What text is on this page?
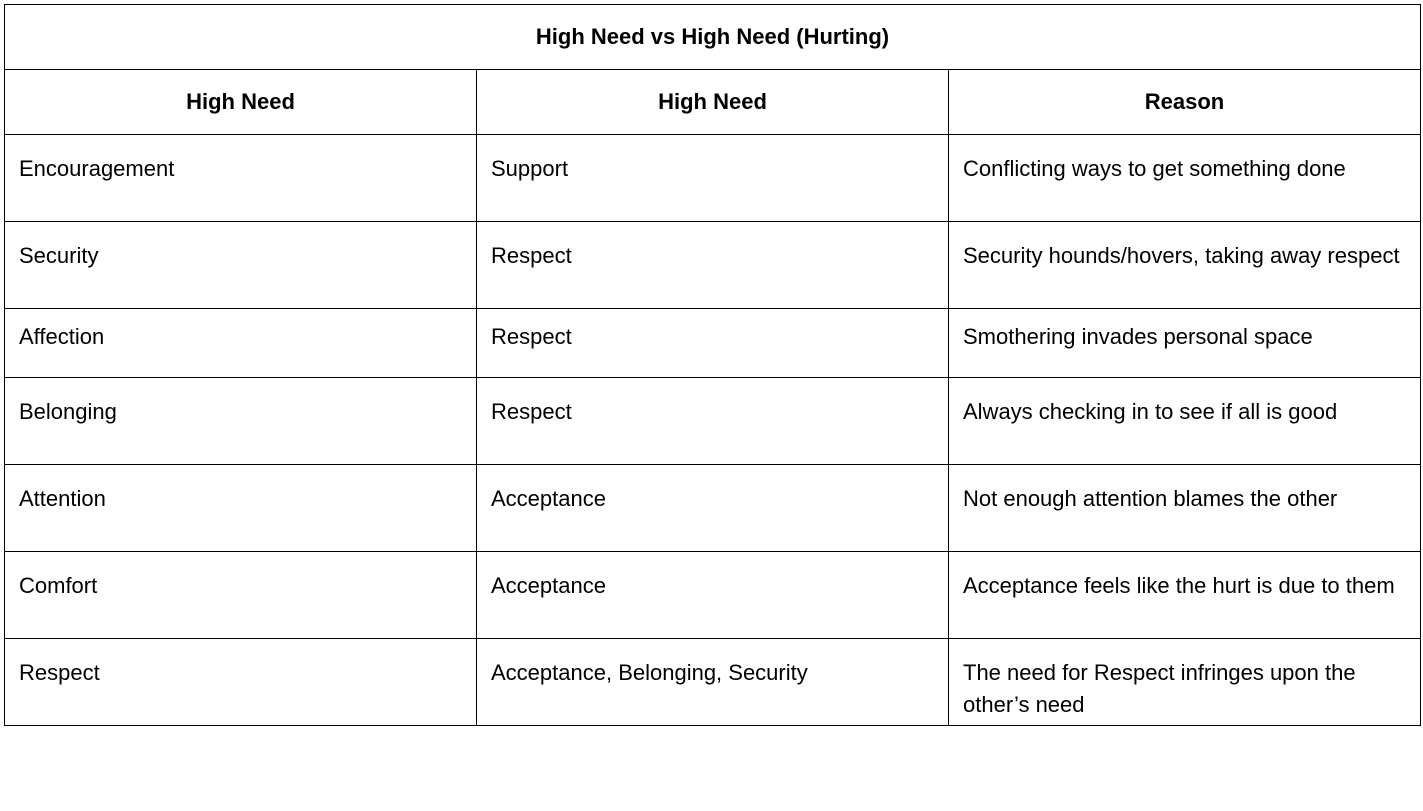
High Need vs High Need (Hurting)		
High Need	High Need	Reason
Encouragement	Support	Conflicting ways to get something done
Security	Respect	Security hounds/hovers, taking away respect
Affection	Respect	Smothering invades personal space
Belonging	Respect	Always checking in to see if all is good
Attention	Acceptance	Not enough attention blames the other
Comfort	Acceptance	Acceptance feels like the hurt is due to them
Respect	Acceptance, Belonging, Security	The need for Respect infringes upon the other’s need
